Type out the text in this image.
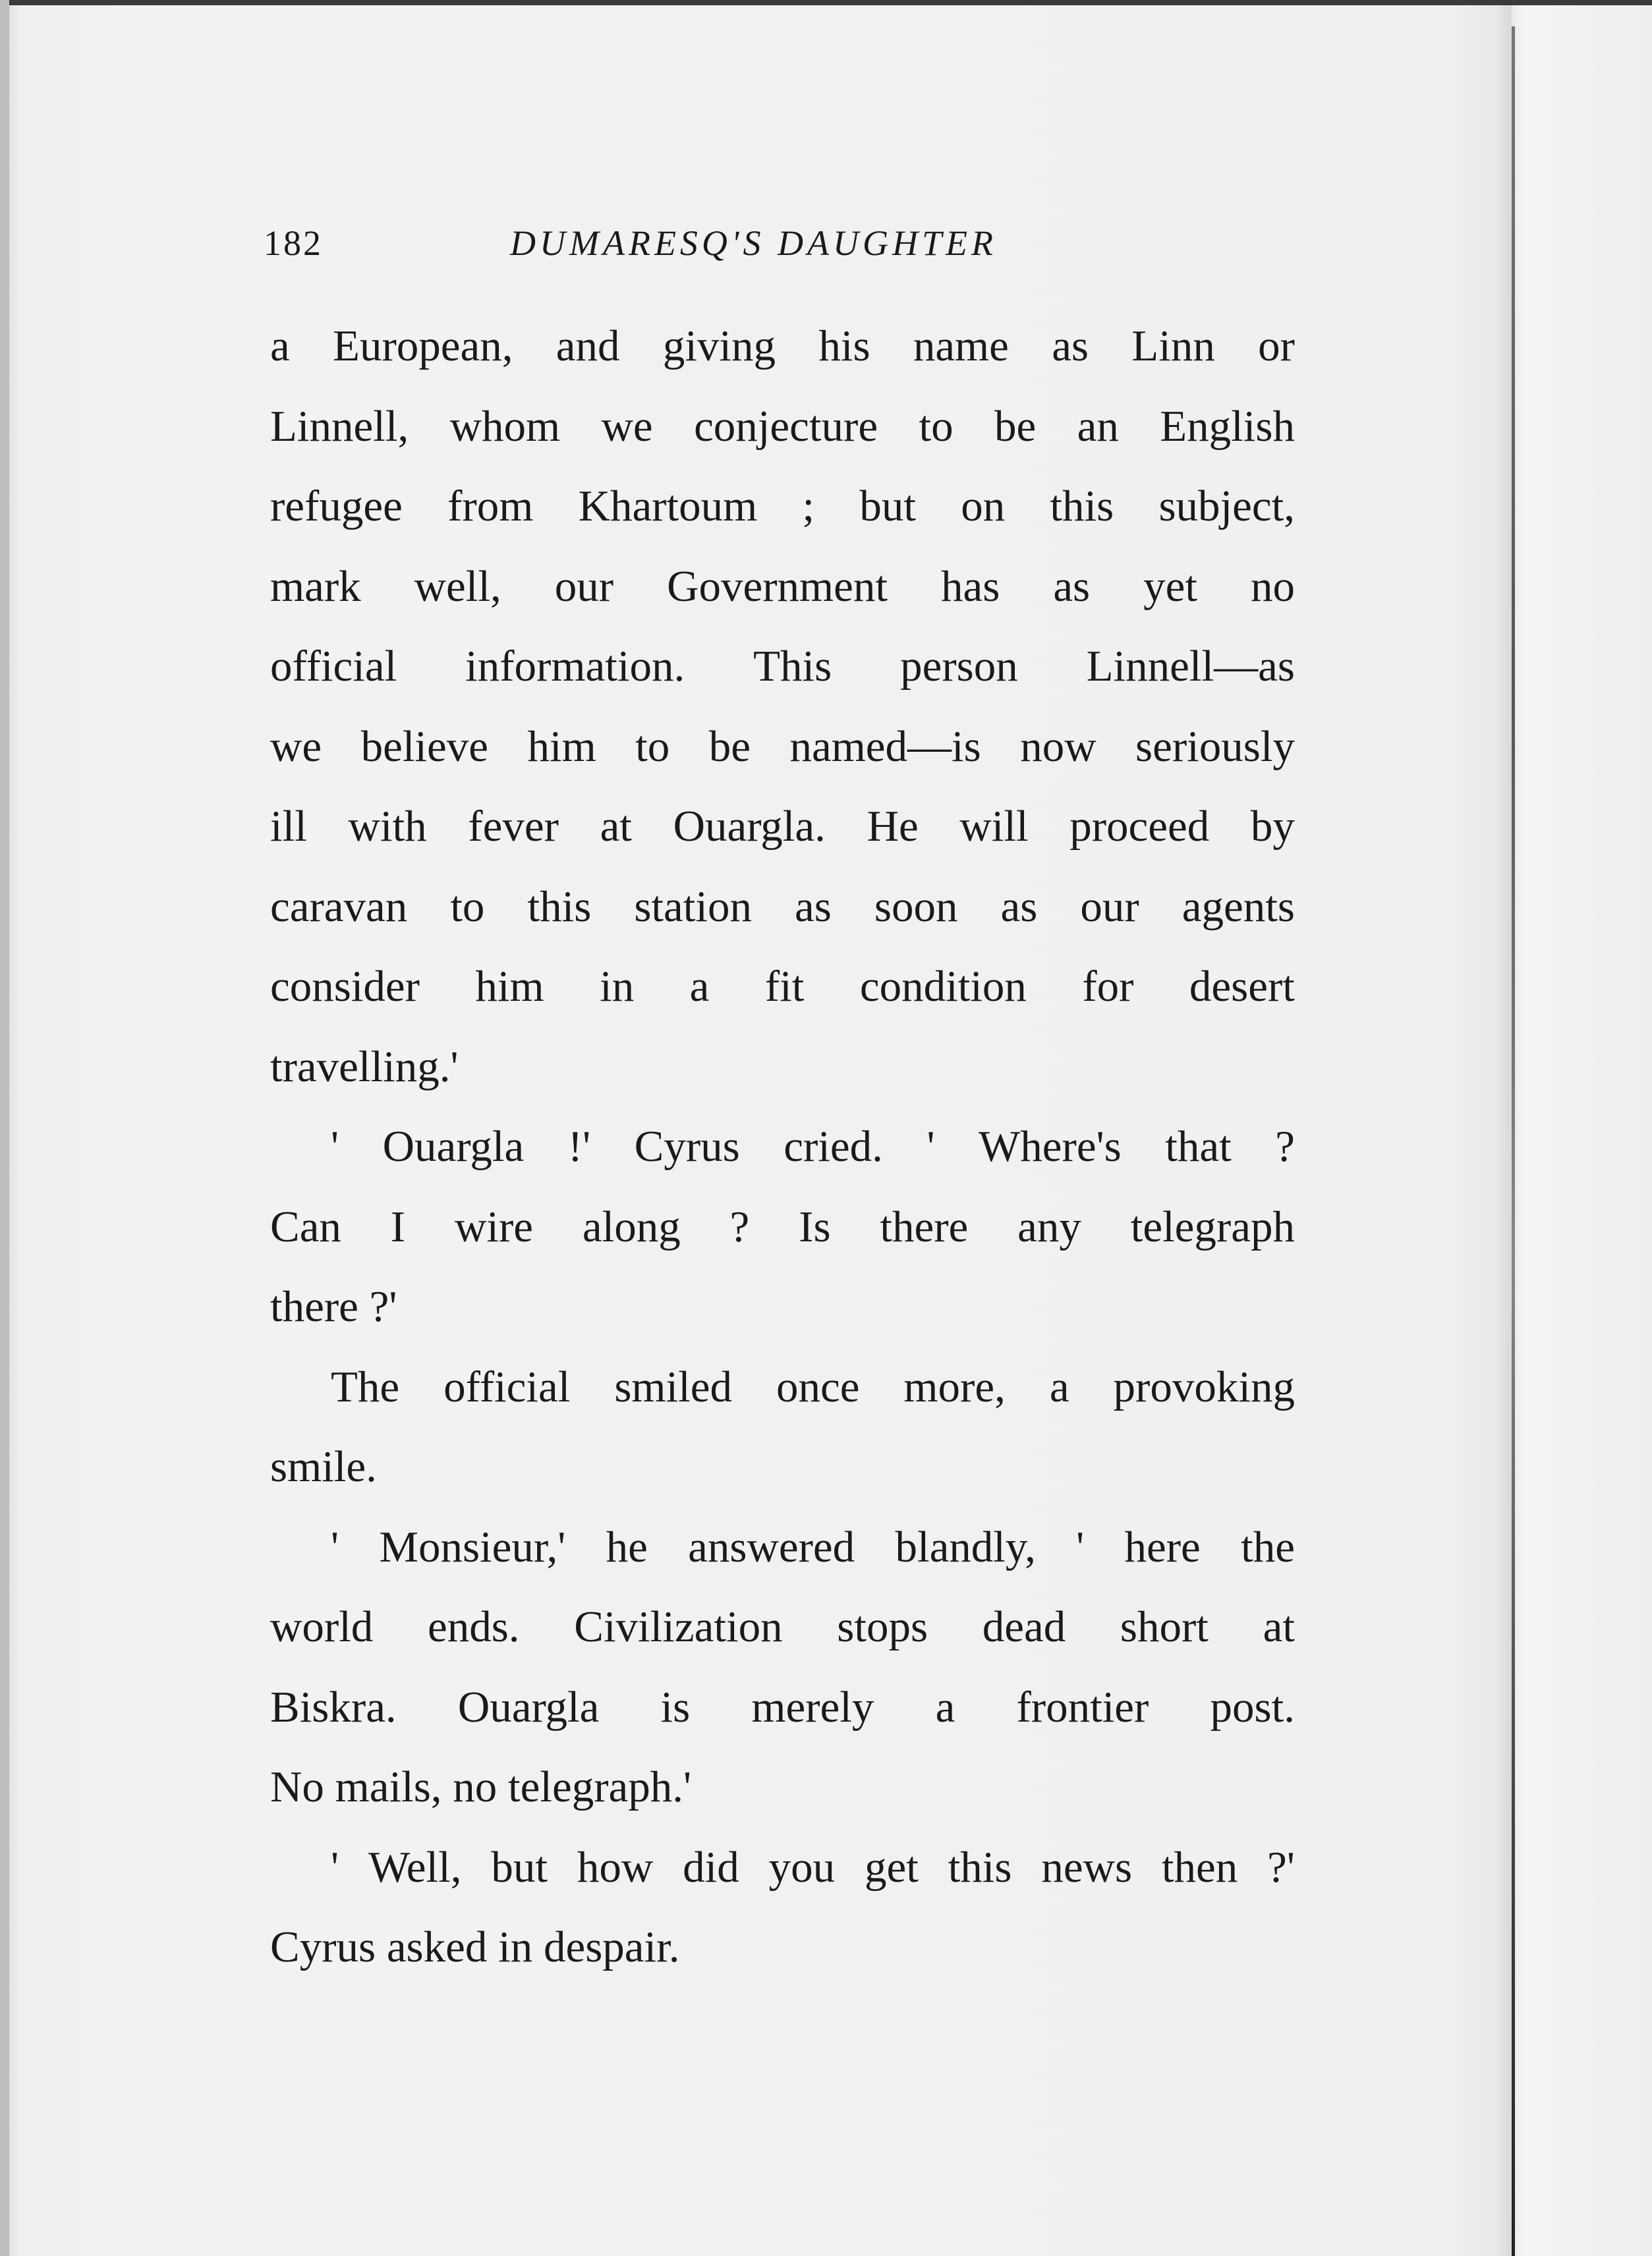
182	DUMARESQ'S DAUGHTER
a European, and giving his name as Linn or
Linnell, whom we conjecture to be an English
refugee from Khartoum ; but on this subject,
mark well, our Government has as yet no
official information. This person Linnell—as
we believe him to be named—is now seriously
ill with fever at Ouargla. He will proceed by
caravan to this station as soon as our agents
consider him in a fit condition for desert
travelling.'
' Ouargla !' Cyrus cried. ' Where's that ?
Can I wire along ? Is there any telegraph
there ?'
The official smiled once more, a provoking
smile.
' Monsieur,' he answered blandly, ' here the
world ends. Civilization stops dead short at
Biskra. Ouargla is merely a frontier post.
No mails, no telegraph.'
' Well, but how did you get this news then ?'
Cyrus asked in despair.
